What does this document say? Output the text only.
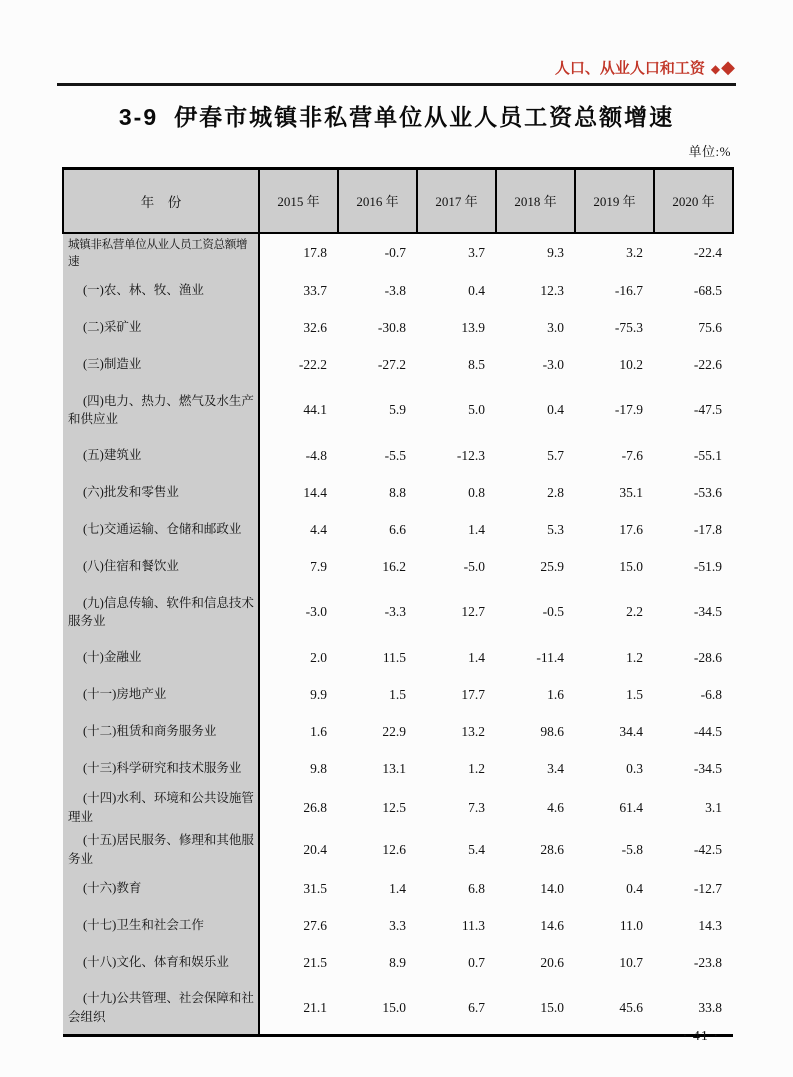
人口、从业人口和工资 ◆◆
3-9 伊春市城镇非私营单位从业人员工资总额增速
单位:%
年　份	2015 年	2016 年	2017 年	2018 年	2019 年	2020 年

城镇非私营单位从业人员工资总额增速	17.8	-0.7	3.7	9.3	3.2	-22.4

(一)农、林、牧、渔业	33.7	-3.8	0.4	12.3	-16.7	-68.5

(二)采矿业	32.6	-30.8	13.9	3.0	-75.3	75.6

(三)制造业	-22.2	-27.2	8.5	-3.0	10.2	-22.6

(四)电力、热力、燃气及水生产和供应业	44.1	5.9	5.0	0.4	-17.9	-47.5

(五)建筑业	-4.8	-5.5	-12.3	5.7	-7.6	-55.1

(六)批发和零售业	14.4	8.8	0.8	2.8	35.1	-53.6

(七)交通运输、仓储和邮政业	4.4	6.6	1.4	5.3	17.6	-17.8

(八)住宿和餐饮业	7.9	16.2	-5.0	25.9	15.0	-51.9

(九)信息传输、软件和信息技术服务业	-3.0	-3.3	12.7	-0.5	2.2	-34.5

(十)金融业	2.0	11.5	1.4	-11.4	1.2	-28.6

(十一)房地产业	9.9	1.5	17.7	1.6	1.5	-6.8

(十二)租赁和商务服务业	1.6	22.9	13.2	98.6	34.4	-44.5

(十三)科学研究和技术服务业	9.8	13.1	1.2	3.4	0.3	-34.5

(十四)水利、环境和公共设施管理业	26.8	12.5	7.3	4.6	61.4	3.1

(十五)居民服务、修理和其他服务业	20.4	12.6	5.4	28.6	-5.8	-42.5

(十六)教育	31.5	1.4	6.8	14.0	0.4	-12.7

(十七)卫生和社会工作	27.6	3.3	11.3	14.6	11.0	14.3

(十八)文化、体育和娱乐业	21.5	8.9	0.7	20.6	10.7	-23.8

(十九)公共管理、社会保障和社会组织	21.1	15.0	6.7	15.0	45.6	33.8
· 41 ·
